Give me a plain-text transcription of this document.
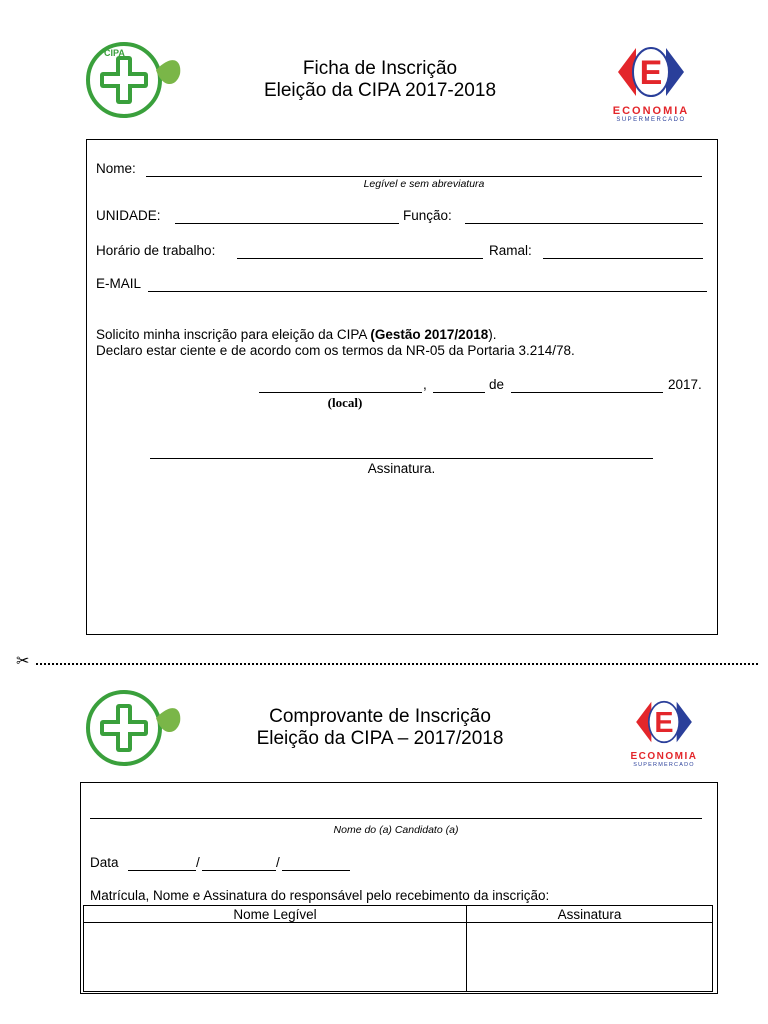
CIPA
Ficha de Inscrição
Eleição da CIPA 2017-2018	E
ECONOMIA
SUPERMERCADO
Nome:
Legível e sem abreviatura
UNIDADE:	Função:
Horário de trabalho:	Ramal:
E-MAIL
Solicito minha inscrição para eleição da CIPA (Gestão 2017/2018).
Declaro estar ciente e de acordo com os termos da NR-05 da Portaria 3.214/78.
,	de	2017.
(local)
Assinatura.
✂
Comprovante de Inscrição
Eleição da CIPA – 2017/2018	E
ECONOMIA
SUPERMERCADO
Nome do (a) Candidato (a)
Data	/	/
Matrícula, Nome e Assinatura do responsável pelo recebimento da inscrição:
Nome Legível	Assinatura
